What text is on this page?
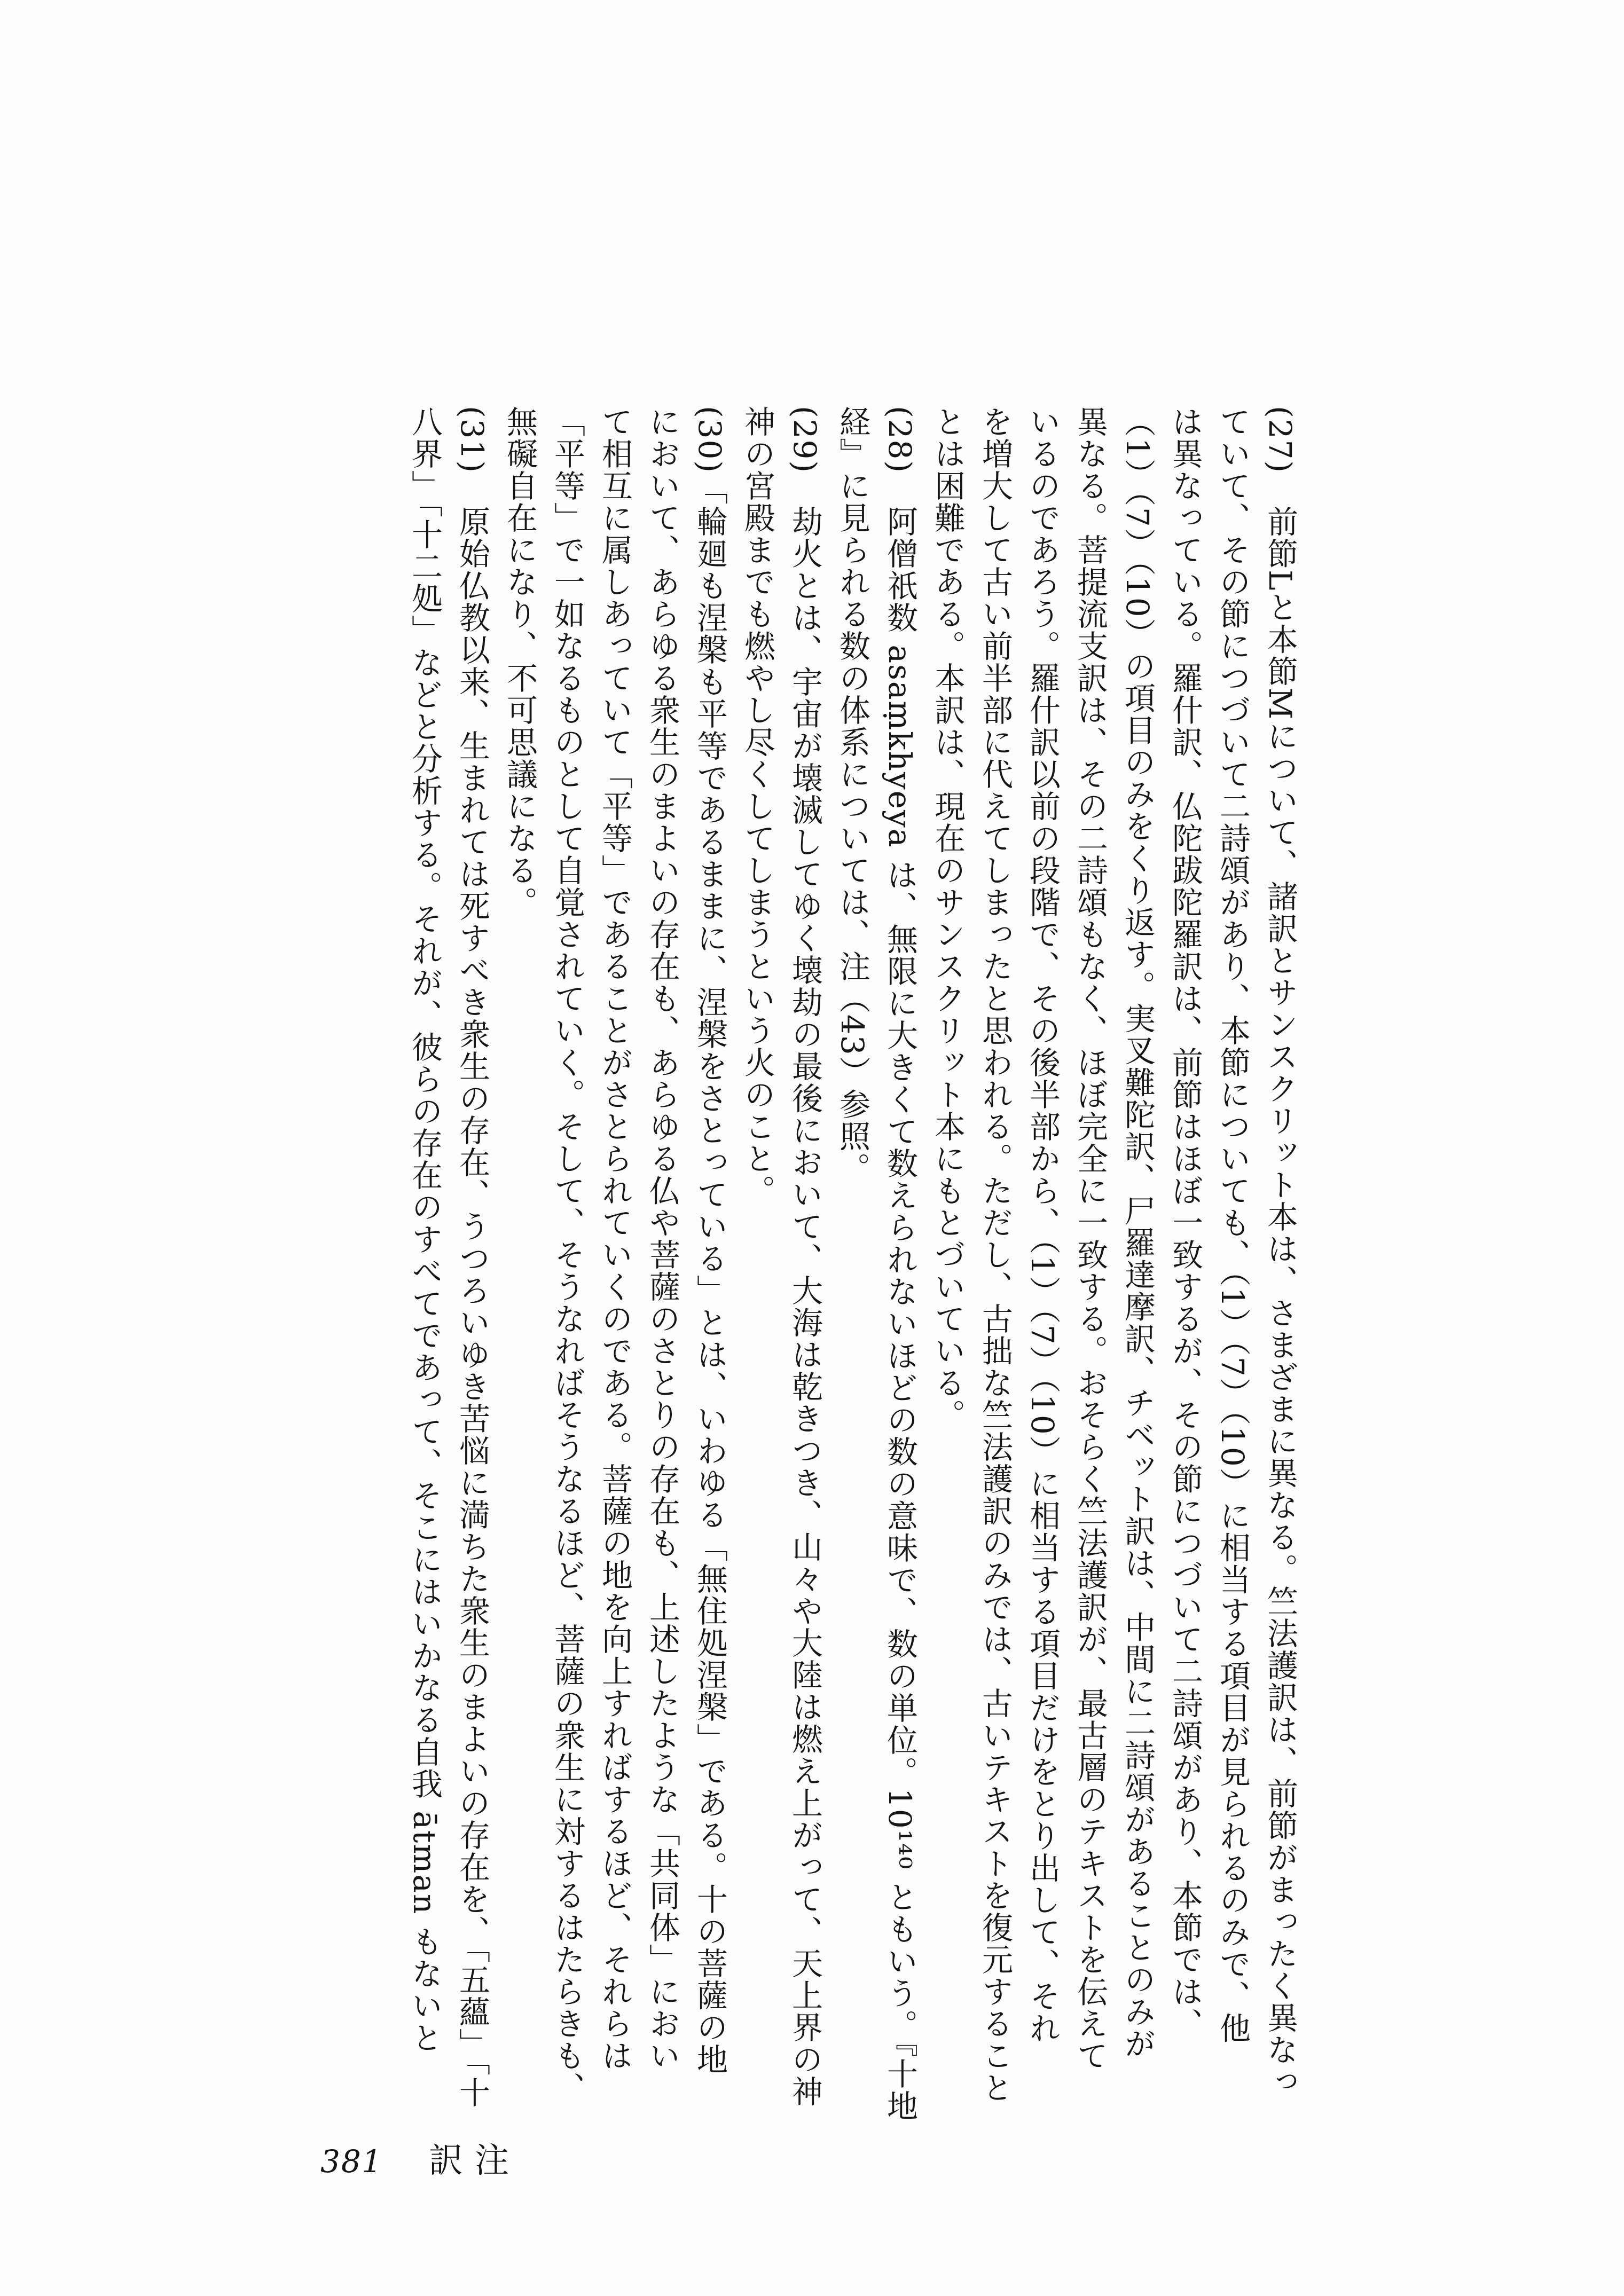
(27)　前節Lと本節Mについて、諸訳とサンスクリット本は、さまざまに異なる。竺法護訳は、前節がまったく異なっ
ていて、その節につづいて二詩頌があり、本節についても、（1）（7）（10）に相当する項目が見られるのみで、他
は異なっている。羅什訳、仏陀跋陀羅訳は、前節はほぼ一致するが、その節につづいて二詩頌があり、本節では、
（1）（7）（10）の項目のみをくり返す。実叉難陀訳、尸羅達摩訳、チベット訳は、中間に二詩頌があることのみが
異なる。菩提流支訳は、その二詩頌もなく、ほぼ完全に一致する。おそらく竺法護訳が、最古層のテキストを伝えて
いるのであろう。羅什訳以前の段階で、その後半部から、（1）（7）（10）に相当する項目だけをとり出して、それ
を増大して古い前半部に代えてしまったと思われる。ただし、古拙な竺法護訳のみでは、古いテキストを復元すること
とは困難である。本訳は、現在のサンスクリット本にもとづいている。
(28)　阿僧祇数 asaṃkhyeya は、無限に大きくて数えられないほどの数の意味で、数の単位。10¹⁴⁰ ともいう。『十地
経』に見られる数の体系については、注（43）参照。
(29)　劫火とは、宇宙が壊滅してゆく壊劫の最後において、大海は乾きつき、山々や大陸は燃え上がって、天上界の神
神の宮殿までも燃やし尽くしてしまうという火のこと。
(30)「輪廻も涅槃も平等であるままに、涅槃をさとっている」とは、いわゆる「無住処涅槃」である。十の菩薩の地
において、あらゆる衆生のまよいの存在も、あらゆる仏や菩薩のさとりの存在も、上述したような「共同体」におい
て相互に属しあっていて「平等」であることがさとられていくのである。菩薩の地を向上すればするほど、それらは
「平等」で一如なるものとして自覚されていく。そして、そうなればそうなるほど、菩薩の衆生に対するはたらきも、
無礙自在になり、不可思議になる。
(31)　原始仏教以来、生まれては死すべき衆生の存在、うつろいゆき苦悩に満ちた衆生のまよいの存在を、「五蘊」「十
八界」「十二処」などと分析する。それが、彼らの存在のすべてであって、そこにはいかなる自我 ātman もないと
381 訳注
